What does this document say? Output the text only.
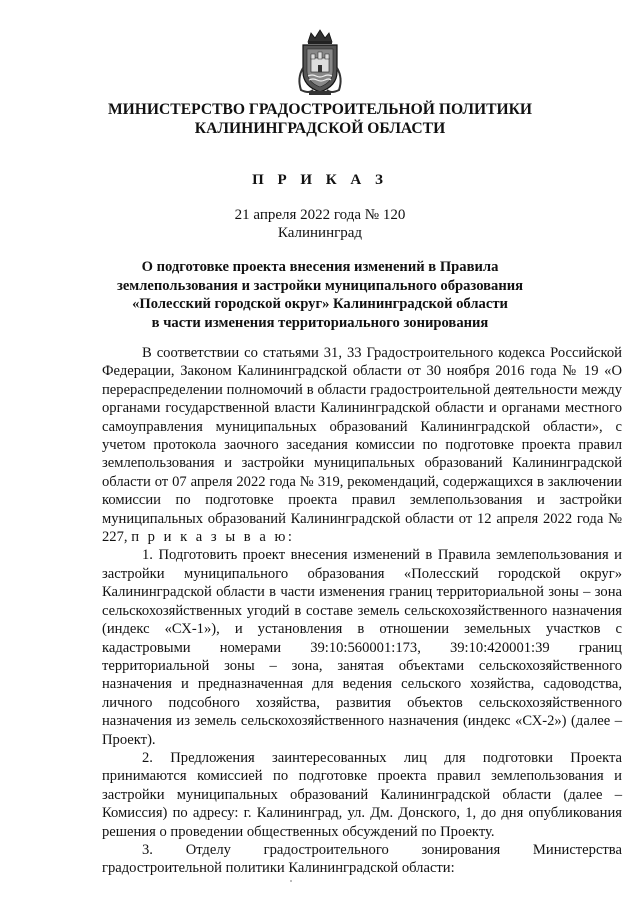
МИНИСТЕРСТВО ГРАДОСТРОИТЕЛЬНОЙ ПОЛИТИКИ
КАЛИНИНГРАДСКОЙ ОБЛАСТИ
П Р И К А З
21 апреля 2022 года № 120
Калининград
О подготовке проекта внесения изменений в Правила
землепользования и застройки муниципального образования
«Полесский городской округ» Калининградской области
в части изменения территориального зонирования

В соответствии со статьями 31, 33 Градостроительного кодекса Российской Федерации, Законом Калининградской области от 30 ноября 2016 года № 19 «О перераспределении полномочий в области градостроительной деятельности между органами государственной власти Калининградской области и органами местного самоуправления муниципальных образований Калининградской области», с учетом протокола заочного заседания комиссии по подготовке проекта правил землепользования и застройки муниципальных образований Калининградской области от 07 апреля 2022 года № 319, рекомендаций, содержащихся в заключении комиссии по подготовке проекта правил землепользования и застройки муниципальных образований Калининградской области от 12 апреля 2022 года № 227, п р и к а з ы в а ю:

1. Подготовить проект внесения изменений в Правила землепользования и застройки муниципального образования «Полесский городской округ» Калининградской области в части изменения границ территориальной зоны – зона сельскохозяйственных угодий в составе земель сельскохозяйственного назначения (индекс «СХ-1»), и установления в отношении земельных участков с кадастровыми номерами 39:10:560001:173, 39:10:420001:39 границ территориальной зоны – зона, занятая объектами сельскохозяйственного назначения и предназначенная для ведения сельского хозяйства, садоводства, личного подсобного хозяйства, развития объектов сельскохозяйственного назначения из земель сельскохозяйственного назначения (индекс «СХ-2») (далее – Проект).

2. Предложения заинтересованных лиц для подготовки Проекта принимаются комиссией по подготовке проекта правил землепользования и застройки муниципальных образований Калининградской области (далее – Комиссия) по адресу: г. Калининград, ул. Дм. Донского, 1, до дня опубликования решения о проведении общественных обсуждений по Проекту.

3. Отделу градостроительного зонирования Министерства градостроительной политики Калининградской области:
